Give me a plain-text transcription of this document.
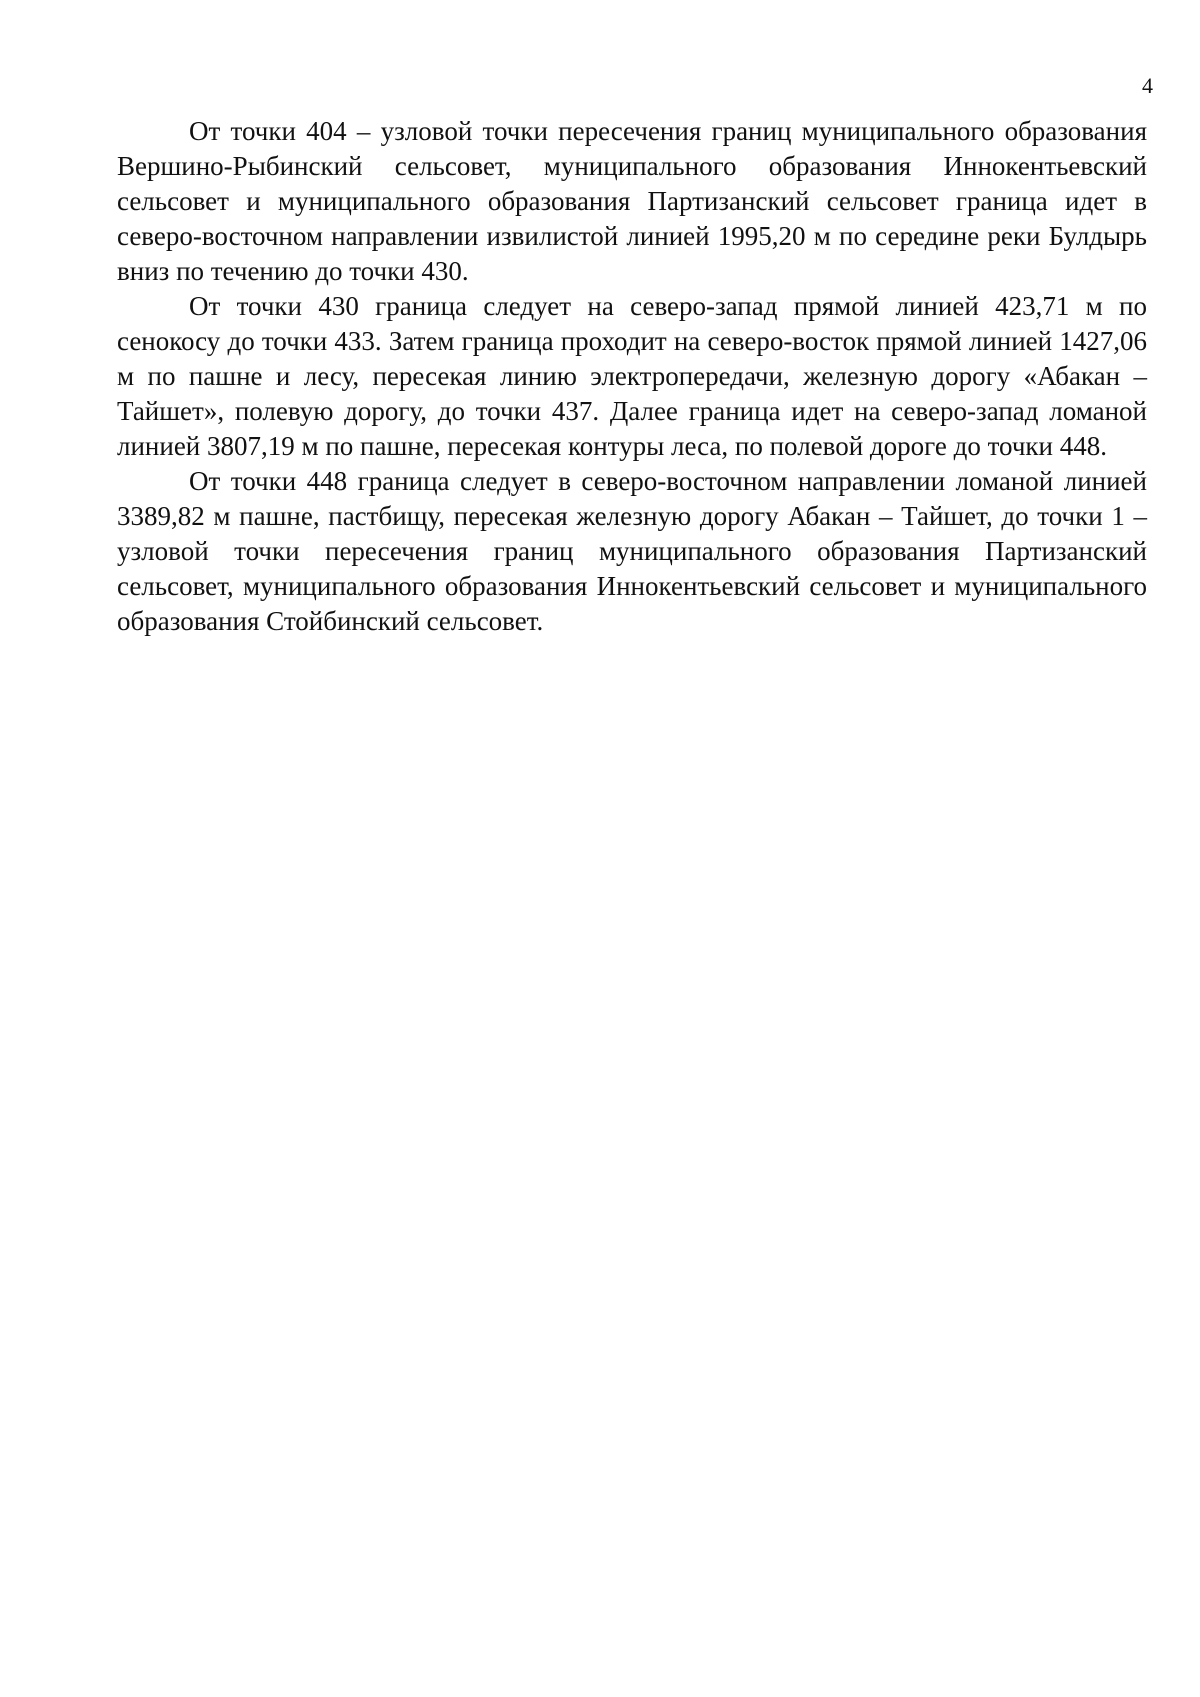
4

От точки 404 – узловой точки пересечения границ муниципального образования Вершино-Рыбинский сельсовет, муниципального образования Иннокентьевский сельсовет и муниципального образования Партизанский сельсовет граница идет в северо-восточном направлении извилистой линией 1995,20 м по середине реки Булдырь вниз по течению до точки 430.

От точки 430 граница следует на северо-запад прямой линией 423,71 м по сенокосу до точки 433. Затем граница проходит на северо-восток прямой линией 1427,06 м по пашне и лесу, пересекая линию электропередачи, железную дорогу «Абакан – Тайшет», полевую дорогу, до точки 437. Далее граница идет на северо-запад ломаной линией 3807,19 м по пашне, пересекая контуры леса, по полевой дороге до точки 448.

От точки 448 граница следует в северо-восточном направлении ломаной линией 3389,82 м пашне, пастбищу, пересекая железную дорогу Абакан – Тайшет, до точки 1 – узловой точки пересечения границ муниципального образования Партизанский сельсовет, муниципального образования Иннокентьевский сельсовет и муниципального образования Стойбинский сельсовет.
